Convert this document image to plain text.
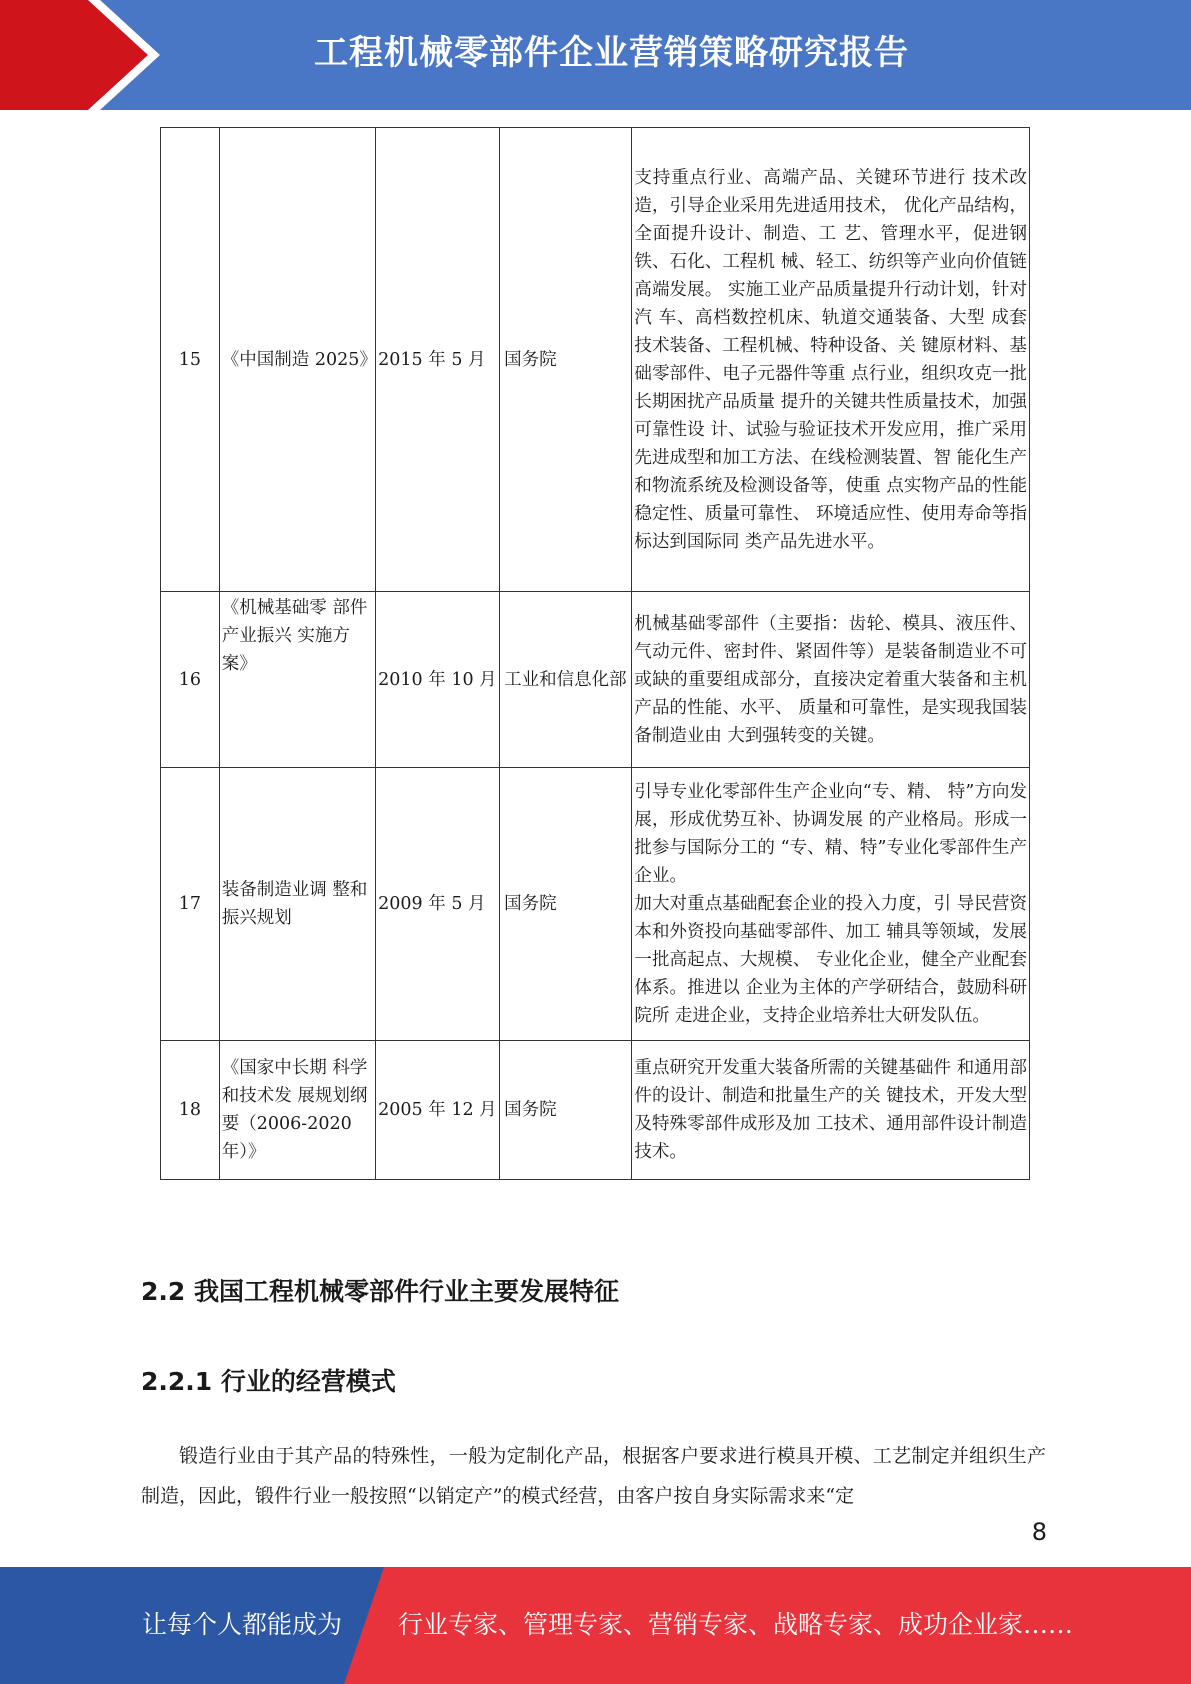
工程机械零部件企业营销策略研究报告
15	《中国制造 2025》	2015 年 5 月	国务院	支持重点行业、高端产品、关键环节进行 技术改造，引导企业采用先进适用技术， 优化产品结构，全面提升设计、制造、工 艺、管理水平，促进钢铁、石化、工程机 械、轻工、纺织等产业向价值链高端发展。 实施工业产品质量提升行动计划，针对汽 车、高档数控机床、轨道交通装备、大型 成套技术装备、工程机械、特种设备、关 键原材料、基础零部件、电子元器件等重 点行业，组织攻克一批长期困扰产品质量 提升的关键共性质量技术，加强可靠性设 计、试验与验证技术开发应用，推广采用 先进成型和加工方法、在线检测装置、智 能化生产和物流系统及检测设备等，使重 点实物产品的性能稳定性、质量可靠性、 环境适应性、使用寿命等指标达到国际同 类产品先进水平。

16	《机械基础零 部件产业振兴 实施方案》	2010 年 10 月	工业和信息化部	机械基础零部件（主要指：齿轮、模具、液压件、气动元件、密封件、紧固件等）是装备制造业不可或缺的重要组成部分，直接决定着重大装备和主机产品的性能、水平、 质量和可靠性，是实现我国装备制造业由 大到强转变的关键。

17	装备制造业调 整和振兴规划	2009 年 5 月	国务院	引导专业化零部件生产企业向“专、精、 特”方向发展，形成优势互补、协调发展 的产业格局。形成一批参与国际分工的 “专、精、特”专业化零部件生产企业。

加大对重点基础配套企业的投入力度，引 导民营资本和外资投向基础零部件、加工 辅具等领域，发展一批高起点、大规模、 专业化企业，健全产业配套体系。推进以 企业为主体的产学研结合，鼓励科研院所 走进企业，支持企业培养壮大研发队伍。

18	《国家中长期 科学和技术发 展规划纲要（2006-2020 年）》	2005 年 12 月	国务院	重点研究开发重大装备所需的关键基础件 和通用部件的设计、制造和批量生产的关 键技术，开发大型及特殊零部件成形及加 工技术、通用部件设计制造技术。

2.2 我国工程机械零部件行业主要发展特征
2.2.1 行业的经营模式

锻造行业由于其产品的特殊性，一般为定制化产品，根据客户要求进行模具开模、工艺制定并组织生产制造，因此，锻件行业一般按照“以销定产”的模式经营，由客户按自身实际需求来“定

8
让每个人都能成为 行业专家、管理专家、营销专家、战略专家、成功企业家……
